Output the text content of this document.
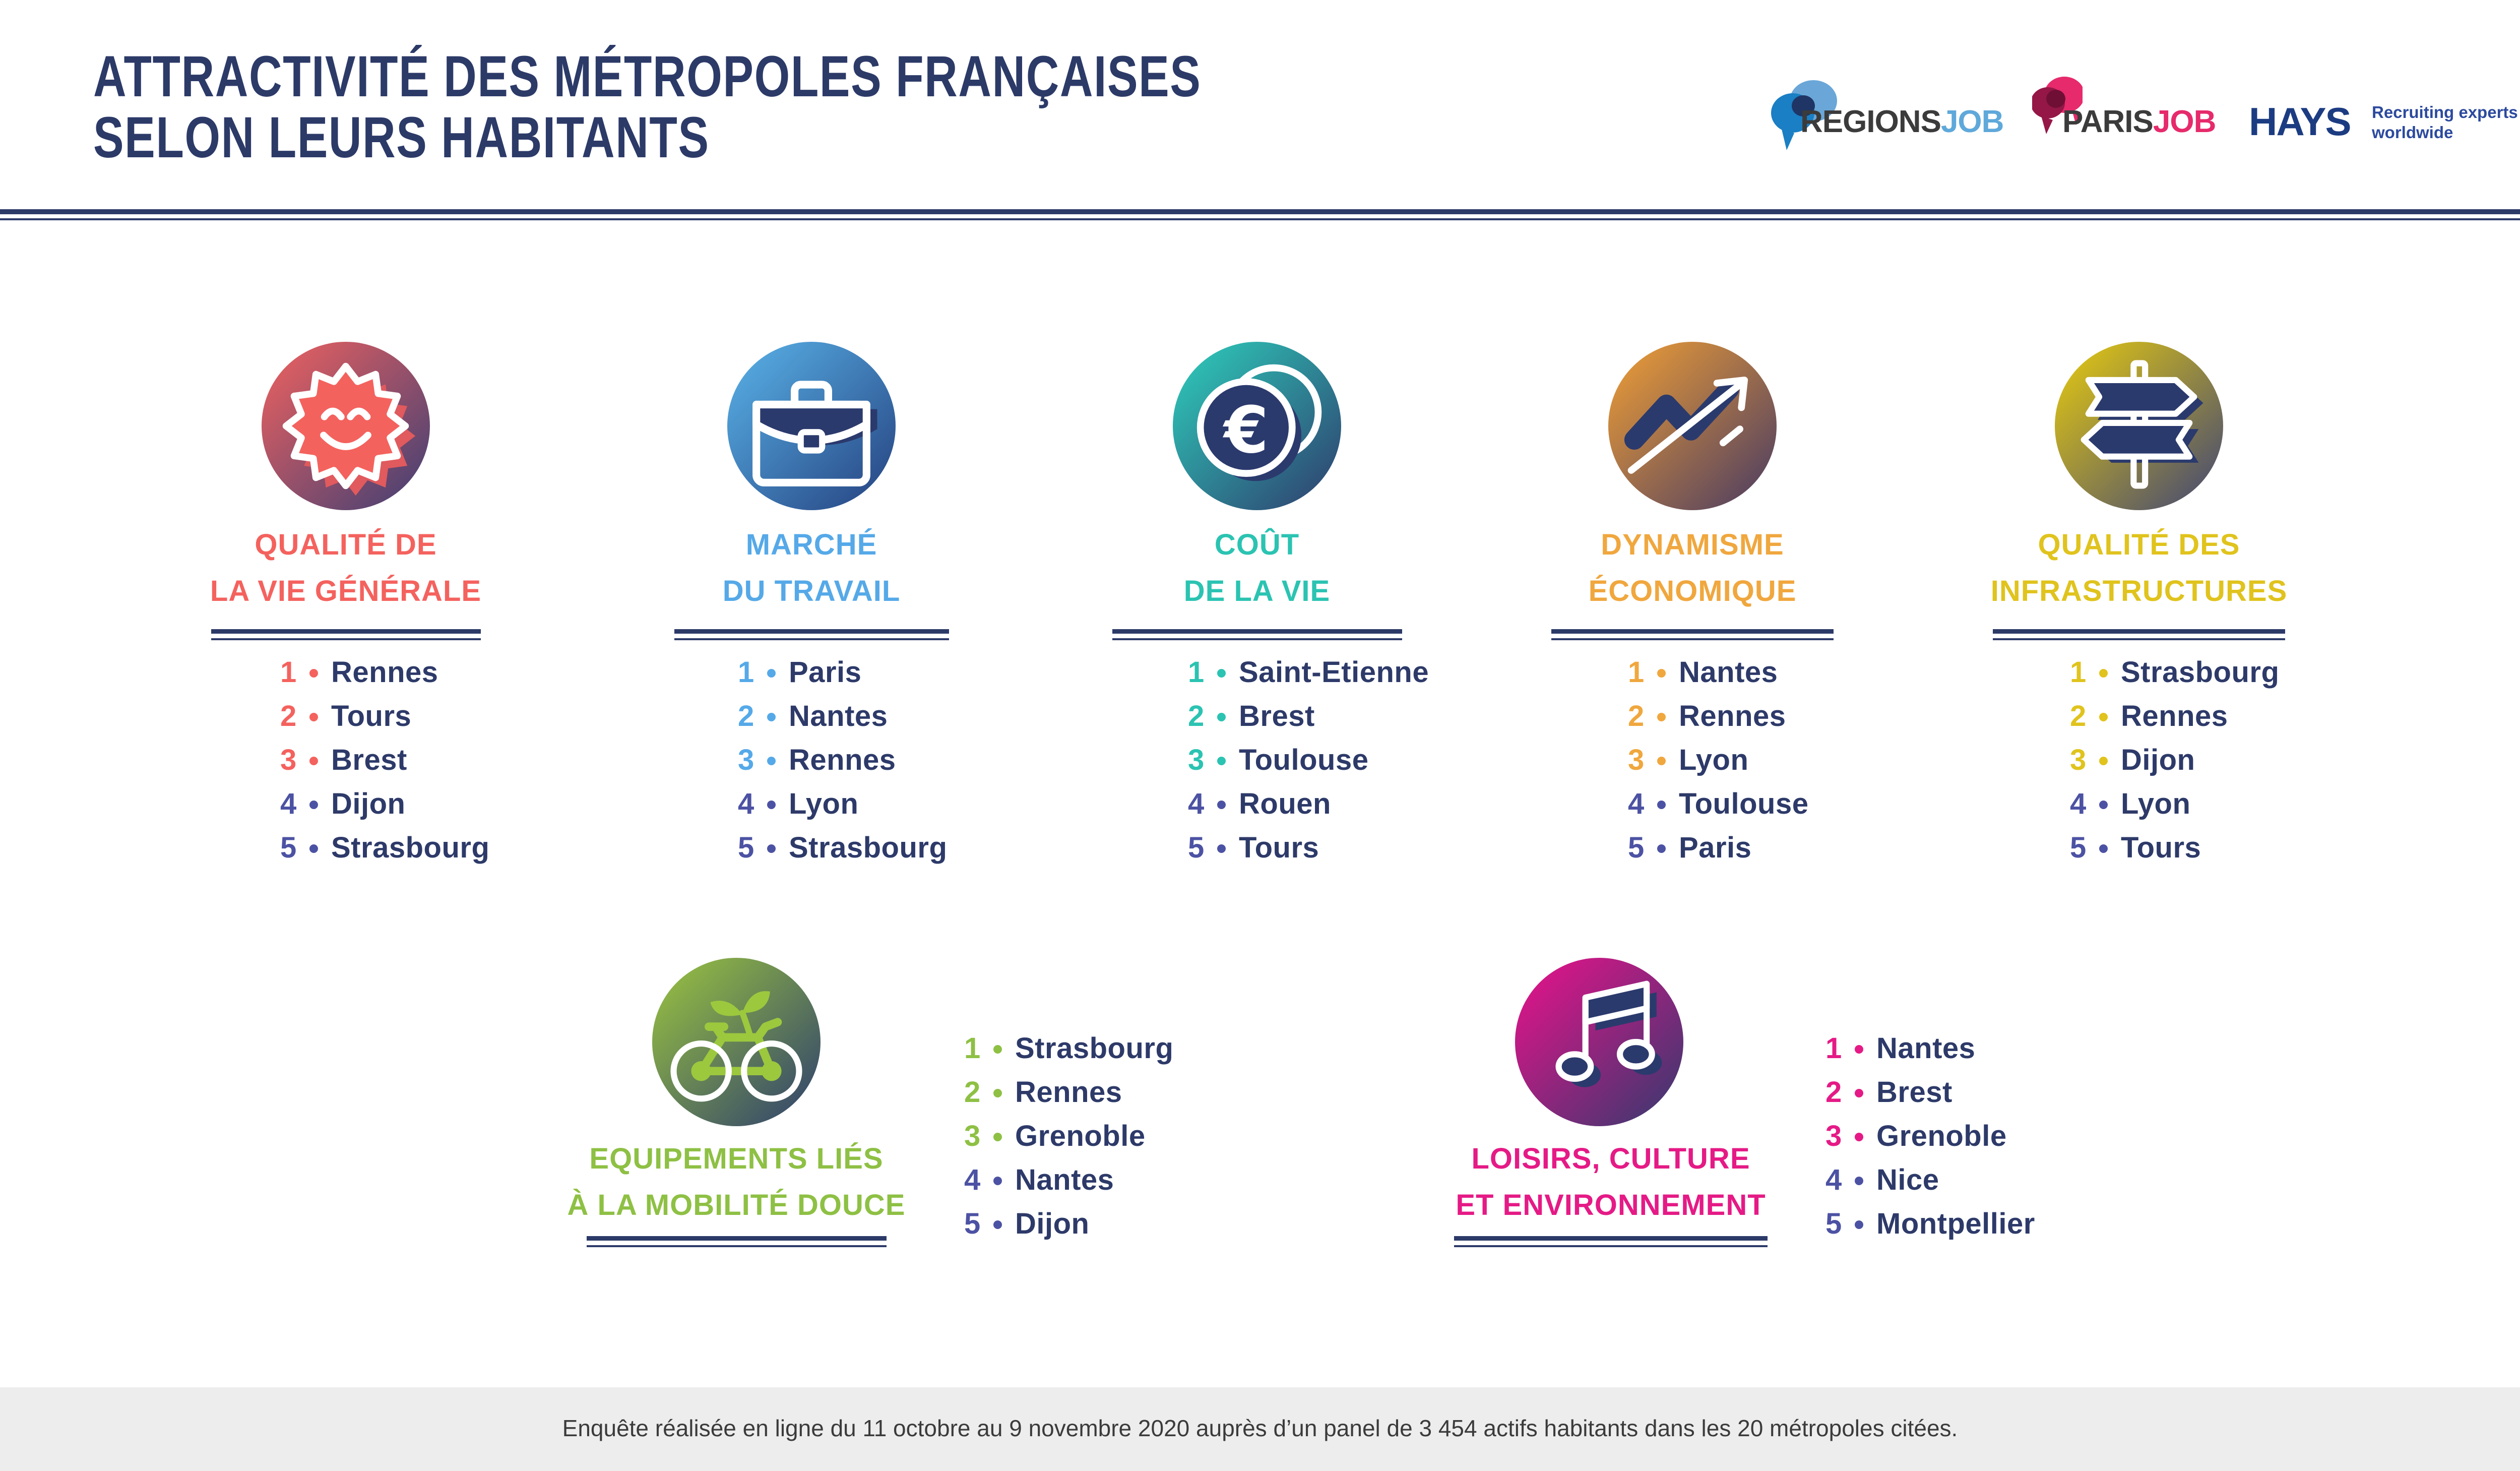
ATTRACTIVITÉ DES MÉTROPOLES FRANÇAISES
SELON LEURS HABITANTS	REGIONSJOB PARISJOB HAYS Recruiting experts
worldwide
QUALITÉ DE
LA VIE GÉNÉRALE
1	Rennes
2	Tours
3	Brest
4	Dijon
5	Strasbourg
MARCHÉ
DU TRAVAIL
1	Paris
2	Nantes
3	Rennes
4	Lyon
5	Strasbourg
€
COÛT
DE LA VIE
1	Saint-Etienne
2	Brest
3	Toulouse
4	Rouen
5	Tours
DYNAMISME
ÉCONOMIQUE
1	Nantes
2	Rennes
3	Lyon
4	Toulouse
5	Paris
QUALITÉ DES
INFRASTRUCTURES
1	Strasbourg
2	Rennes
3	Dijon
4	Lyon
5	Tours
EQUIPEMENTS LIÉS
À LA MOBILITÉ DOUCE
1	Strasbourg
2	Rennes
3	Grenoble
4	Nantes
5	Dijon
LOISIRS, CULTURE
ET ENVIRONNEMENT
1	Nantes
2	Brest
3	Grenoble
4	Nice
5	Montpellier
Enquête réalisée en ligne du 11 octobre au 9 novembre 2020 auprès d’un panel de 3 454 actifs habitants dans les 20 métropoles citées.
